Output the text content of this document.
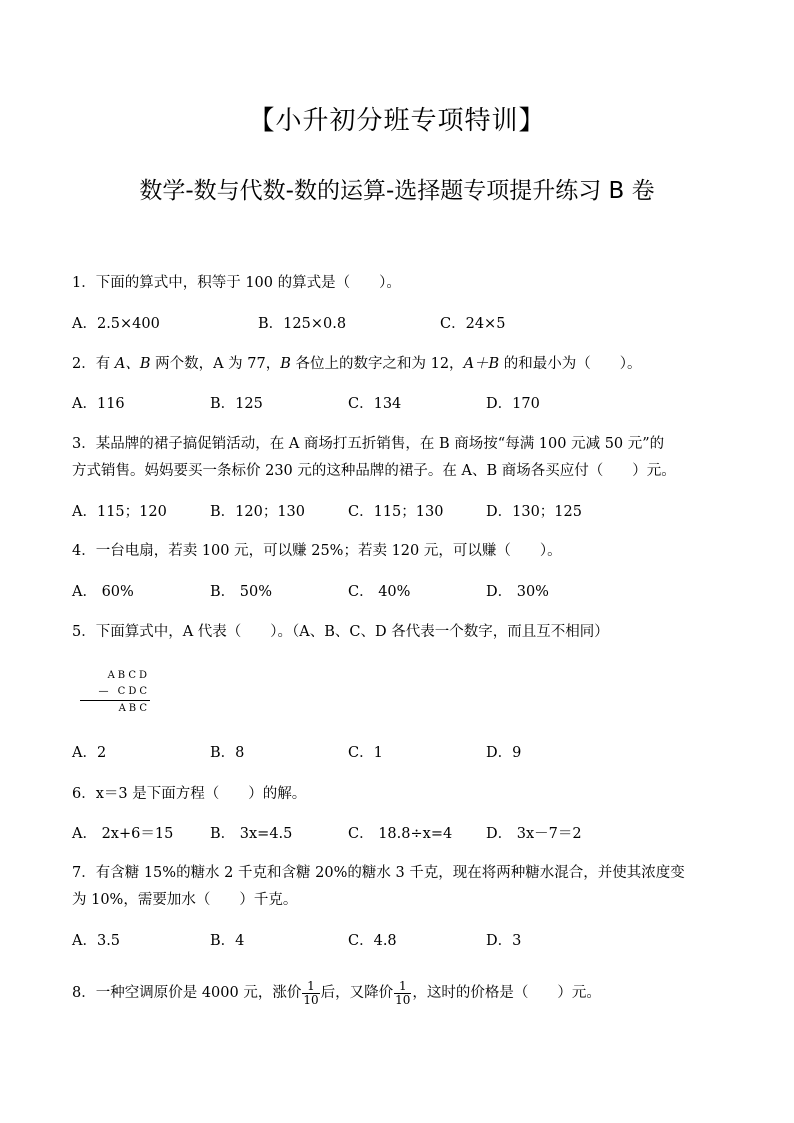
【小升初分班专项特训】
数学-数与代数-数的运算-选择题专项提升练习 B 卷
1．下面的算式中，积等于 100 的算式是（　　）。
A．2.5×400	B．125×0.8	C．24×5
2．有 A、B 两个数，A 为 77，B 各位上的数字之和为 12，A＋B 的和最小为（　　）。
A．116	B．125	C．134	D．170
3．某品牌的裙子搞促销活动，在 A 商场打五折销售，在 B 商场按“每满 100 元减 50 元”的
方式销售。妈妈要买一条标价 230 元的这种品牌的裙子。在 A、B 商场各买应付（　　）元。
A．115；120	B．120；130	C．115；130	D．130；125
4．一台电扇，若卖 100 元，可以赚 25%；若卖 120 元，可以赚（　　）。
A． 60%	B． 50%	C． 40%	D． 30%
5．下面算式中，A 代表（　　）。（A、B、C、D 各代表一个数字，而且互不相同）
ABCD
— CDC
ABC
A．2	B．8	C．1	D．9
6．x＝3 是下面方程（　　）的解。
A． 2x+6＝15	B． 3x=4.5	C． 18.8÷x=4 D． 3x－7＝2
7．有含糖 15%的糖水 2 千克和含糖 20%的糖水 3 千克，现在将两种糖水混合，并使其浓度变
为 10%，需要加水（　　）千克。
A．3.5	B．4	C．4.8	D．3
8．一种空调原价是 4000 元，涨价 $\frac{1}{10}$ 后，又降价 $\frac{1}{10}$ ，这时的价格是（　　）元。
